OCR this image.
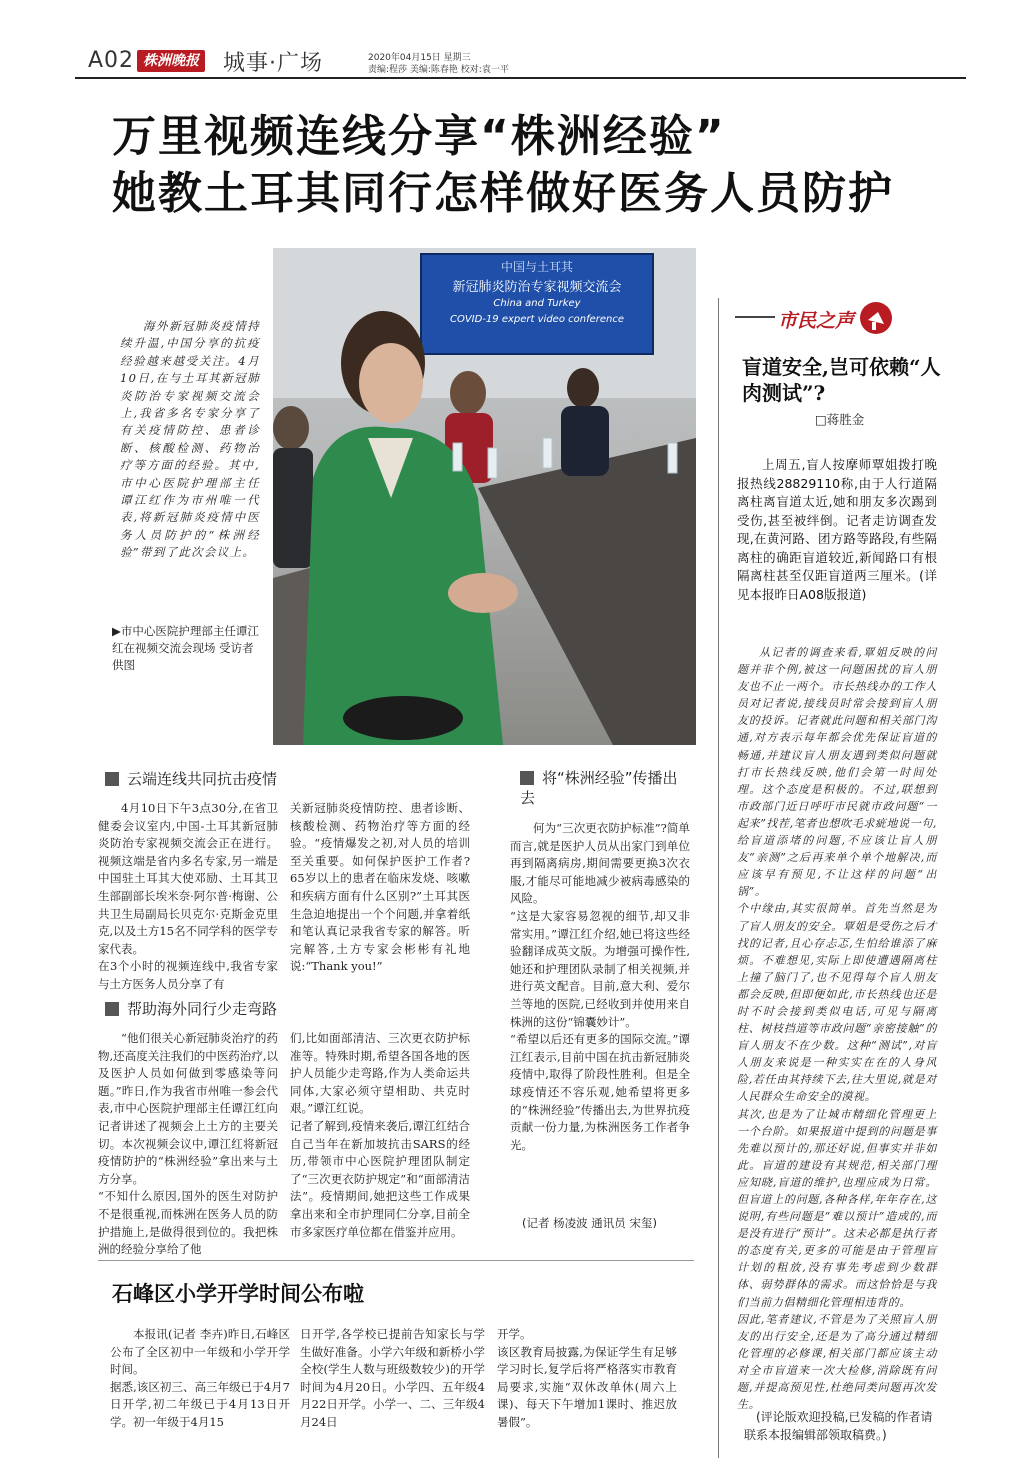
A02 株洲晚报 城事·广场	2020年04月15日 星期三
责编:程莎 美编:陈春艳 校对:袁一平
万里视频连线分享“株洲经验”
她教土耳其同行怎样做好医务人员防护
海外新冠肺炎疫情持续升温,中国分享的抗疫经验越来越受关注。4月10日,在与土耳其新冠肺炎防治专家视频交流会上,我省多名专家分享了有关疫情防控、患者诊断、核酸检测、药物治疗等方面的经验。其中,市中心医院护理部主任谭江红作为市州唯一代表,将新冠肺炎疫情中医务人员防护的“株洲经验”带到了此次会议上。
▶市中心医院护理部主任谭江红在视频交流会现场 受访者供图
中国与土耳其
新冠肺炎防治专家视频交流会
China and Turkey
COVID-19 expert video conference
云端连线共同抗击疫情
4月10日下午3点30分,在省卫健委会议室内,中国-土耳其新冠肺炎防治专家视频交流会正在进行。视频这端是省内多名专家,另一端是中国驻土耳其大使邓励、土耳其卫生部副部长埃米奈·阿尔普·梅谢、公共卫生局副局长贝克尔·克斯金克里克,以及土方15名不同学科的医学专家代表。
在3个小时的视频连线中,我省专家与土方医务人员分享了有
关新冠肺炎疫情防控、患者诊断、核酸检测、药物治疗等方面的经验。“疫情爆发之初,对人员的培训至关重要。如何保护医护工作者?65岁以上的患者在临床发烧、咳嗽和疾病方面有什么区别?”土耳其医生急迫地提出一个个问题,并拿着纸和笔认真记录我省专家的解答。听完解答,土方专家会彬彬有礼地说:“Thank you!”
帮助海外同行少走弯路
“他们很关心新冠肺炎治疗的药物,还高度关注我们的中医药治疗,以及医护人员如何做到零感染等问题。”昨日,作为我省市州唯一参会代表,市中心医院护理部主任谭江红向记者讲述了视频会上土方的主要关切。本次视频会议中,谭江红将新冠疫情防护的“株洲经验”拿出来与土方分享。
“不知什么原因,国外的医生对防护不是很重视,而株洲在医务人员的防护措施上,是做得很到位的。我把株洲的经验分享给了他
们,比如面部清洁、三次更衣防护标准等。特殊时期,希望各国各地的医护人员能少走弯路,作为人类命运共同体,大家必须守望相助、共克时艰。”谭江红说。
记者了解到,疫情来袭后,谭江红结合自己当年在新加坡抗击SARS的经历,带领市中心医院护理团队制定了“三次更衣防护规定”和“面部清洁法”。疫情期间,她把这些工作成果拿出来和全市护理同仁分享,目前全市多家医疗单位都在借鉴并应用。
将“株洲经验”传播出去
何为“三次更衣防护标准”?简单而言,就是医护人员从出家门到单位再到隔离病房,期间需要更换3次衣服,才能尽可能地减少被病毒感染的风险。
“这是大家容易忽视的细节,却又非常实用。”谭江红介绍,她已将这些经验翻译成英文版。为增强可操作性,她还和护理团队录制了相关视频,并进行英文配音。目前,意大利、爱尔兰等地的医院,已经收到并使用来自株洲的这份“锦囊妙计”。
“希望以后还有更多的国际交流。”谭江红表示,目前中国在抗击新冠肺炎疫情中,取得了阶段性胜利。但是全球疫情还不容乐观,她希望将更多的“株洲经验”传播出去,为世界抗疫贡献一份力量,为株洲医务工作者争光。
(记者 杨凌波 通讯员 宋玺)
石峰区小学开学时间公布啦
本报讯(记者 李卉)昨日,石峰区公布了全区初中一年级和小学开学时间。
据悉,该区初三、高三年级已于4月7日开学,初二年级已于4月13日开学。初一年级于4月15
日开学,各学校已提前告知家长与学生做好准备。小学六年级和新桥小学全校(学生人数与班级数较少)的开学时间为4月20日。小学四、五年级4月22日开学。小学一、二、三年级4月24日
开学。
该区教育局披露,为保证学生有足够学习时长,复学后将严格落实市教育局要求,实施“双休改单休(周六上课)、每天下午增加1课时、推迟放暑假”。
市民之声
盲道安全,岂可依赖“人肉测试”?
□蒋胜金
上周五,盲人按摩师覃姐拨打晚报热线28829110称,由于人行道隔离柱离盲道太近,她和朋友多次踢到受伤,甚至被绊倒。记者走访调查发现,在黄河路、团方路等路段,有些隔离柱的确距盲道较近,新闻路口有根隔离柱甚至仅距盲道两三厘米。(详见本报昨日A08版报道)
从记者的调查来看,覃姐反映的问题并非个例,被这一问题困扰的盲人朋友也不止一两个。市长热线办的工作人员对记者说,接线员时常会接到盲人朋友的投诉。记者就此问题和相关部门沟通,对方表示每年都会优先保证盲道的畅通,并建议盲人朋友遇到类似问题就打市长热线反映,他们会第一时间处理。这个态度是积极的。不过,联想到市政部门近日呼吁市民就市政问题“一起来”找茬,笔者也想吹毛求疵地说一句,给盲道添堵的问题,不应该让盲人朋友“亲测”之后再来单个单个地解决,而应该早有预见,不让这样的问题“出锅”。
个中缘由,其实很简单。首先当然是为了盲人朋友的安全。覃姐是受伤之后才找的记者,且心存忐忑,生怕给谁添了麻烦。不难想见,实际上即使遭遇隔离柱上撞了脑门了,也不见得每个盲人朋友都会反映,但即便如此,市长热线也还是时不时会接到类似电话,可见与隔离柱、树枝挡道等市政问题“亲密接触”的盲人朋友不在少数。这种“测试”,对盲人朋友来说是一种实实在在的人身风险,若任由其持续下去,往大里说,就是对人民群众生命安全的漠视。
其次,也是为了让城市精细化管理更上一个台阶。如果报道中提到的问题是事先难以预计的,那还好说,但事实并非如此。盲道的建设有其规范,相关部门理应知晓,盲道的维护,也理应成为日常。但盲道上的问题,各种各样,年年存在,这说明,有些问题是“难以预计”造成的,而是没有进行“预计”。这未必都是执行者的态度有关,更多的可能是由于管理盲计划的粗放,没有事先考虑到少数群体、弱势群体的需求。而这恰恰是与我们当前力倡精细化管理相违背的。
因此,笔者建议,不管是为了关照盲人朋友的出行安全,还是为了高分通过精细化管理的必修课,相关部门都应该主动对全市盲道来一次大检修,消除既有问题,并提高预见性,杜绝同类问题再次发生。
(评论版欢迎投稿,已发稿的作者请联系本报编辑部领取稿费。)
